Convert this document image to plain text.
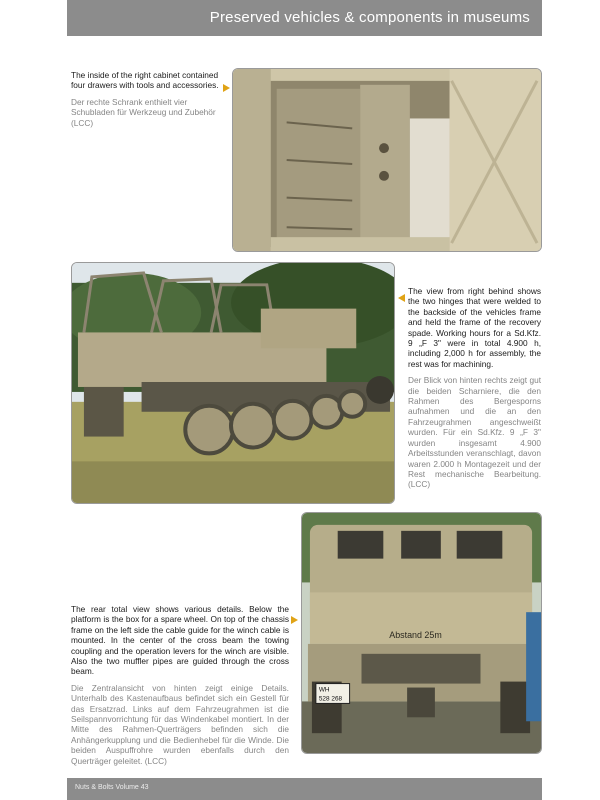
Preserved vehicles & components in museums

The inside of the right cabinet contained four drawers with tools and accessories.

Der rechte Schrank enthielt vier Schubladen für Werkzeug und Zubehör (LCC)

The view from right behind shows the two hinges that were welded to the backside of the vehicles frame and held the frame of the recovery spade. Working hours for a Sd.Kfz. 9 „F 3" were in total 4.900 h, including 2,000 h for assembly, the rest was for machining.

Der Blick von hinten rechts zeigt gut die beiden Scharniere, die den Rahmen des Bergesporns aufnahmen und die an den Fahrzeugrahmen angeschweißt wurden. Für ein Sd.Kfz. 9 „F 3" wurden insgesamt 4.900 Arbeitsstunden veranschlagt, davon waren 2.000 h Montagezeit und der Rest mechanische Bearbeitung. (LCC)

The rear total view shows various details. Below the platform is the box for a spare wheel. On top of the chassis frame on the left side the cable guide for the winch cable is mounted. In the center of the cross beam the towing coupling and the operation levers for the winch are visible. Also the two muffler pipes are guided through the cross beam.

Die Zentralansicht von hinten zeigt einige Details. Unterhalb des Kastenaufbaus befindet sich ein Gestell für das Ersatzrad. Links auf dem Fahrzeugrahmen ist die Seilspannvorrichtung für das Windenkabel montiert. In der Mitte des Rahmen-Querträgers befinden sich die Anhängerkupplung und die Bedienhebel für die Winde. Die beiden Auspuffrohre wurden ebenfalls durch den Querträger geleitet. (LCC)

Abstand 25m
WH
528 268
Nuts & Bolts Volume 43
